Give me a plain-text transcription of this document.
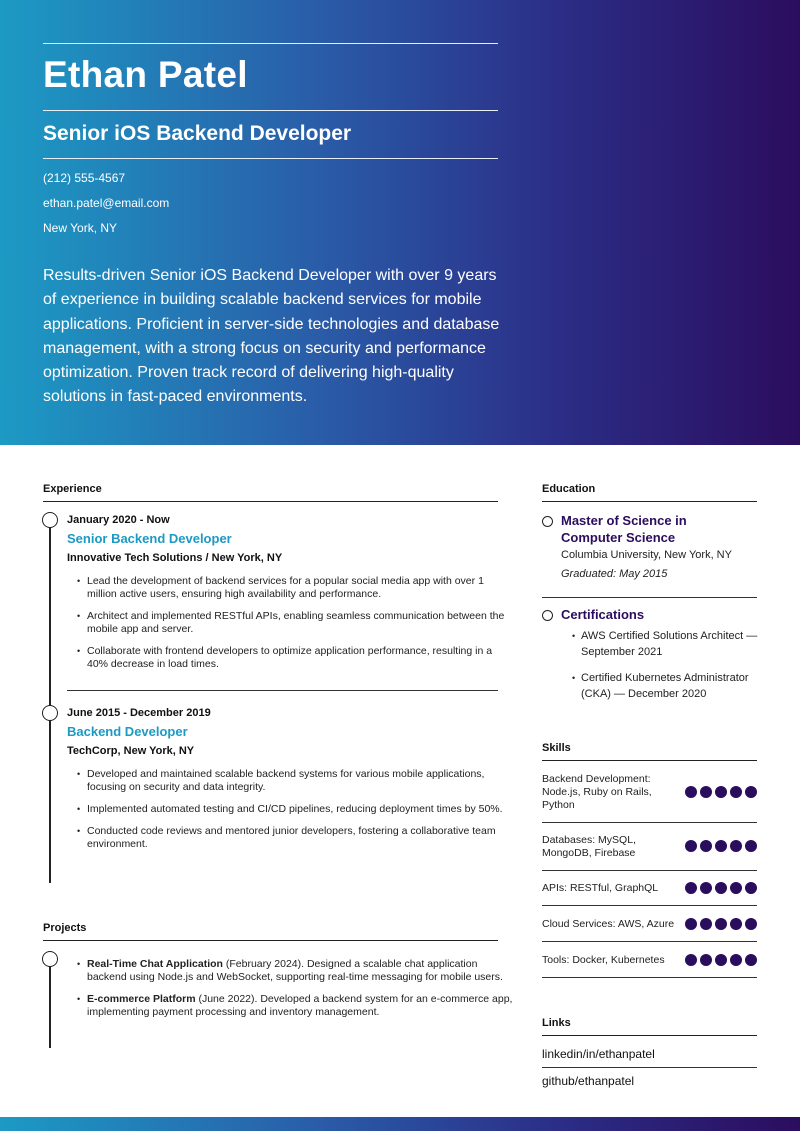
Ethan Patel
Senior iOS Backend Developer
(212) 555-4567
ethan.patel@email.com
New York, NY
Results-driven Senior iOS Backend Developer with over 9 years of experience in building scalable backend services for mobile applications. Proficient in server-side technologies and database management, with a strong focus on security and performance optimization. Proven track record of delivering high-quality solutions in fast-paced environments.
Experience
January 2020 - Now
Senior Backend Developer
Innovative Tech Solutions / New York, NY
• Lead the development of backend services for a popular social media app with over 1 million active users, ensuring high availability and performance.
• Architect and implemented RESTful APIs, enabling seamless communication between the mobile app and server.
• Collaborate with frontend developers to optimize application performance, resulting in a 40% decrease in load times.
June 2015 - December 2019
Backend Developer
TechCorp, New York, NY
• Developed and maintained scalable backend systems for various mobile applications, focusing on security and data integrity.
• Implemented automated testing and CI/CD pipelines, reducing deployment times by 50%.
• Conducted code reviews and mentored junior developers, fostering a collaborative team environment.
Projects
• Real-Time Chat Application (February 2024). Designed a scalable chat application backend using Node.js and WebSocket, supporting real-time messaging for mobile users.
• E-commerce Platform (June 2022). Developed a backend system for an e-commerce app, implementing payment processing and inventory management.
Education
Master of Science in Computer Science
Columbia University, New York, NY
Graduated: May 2015
Certifications
• AWS Certified Solutions Architect — September 2021
• Certified Kubernetes Administrator (CKA) — December 2020
Skills
Backend Development: Node.js, Ruby on Rails, Python
Databases: MySQL, MongoDB, Firebase
APIs: RESTful, GraphQL
Cloud Services: AWS, Azure
Tools: Docker, Kubernetes
Links
linkedin/in/ethanpatel
github/ethanpatel
